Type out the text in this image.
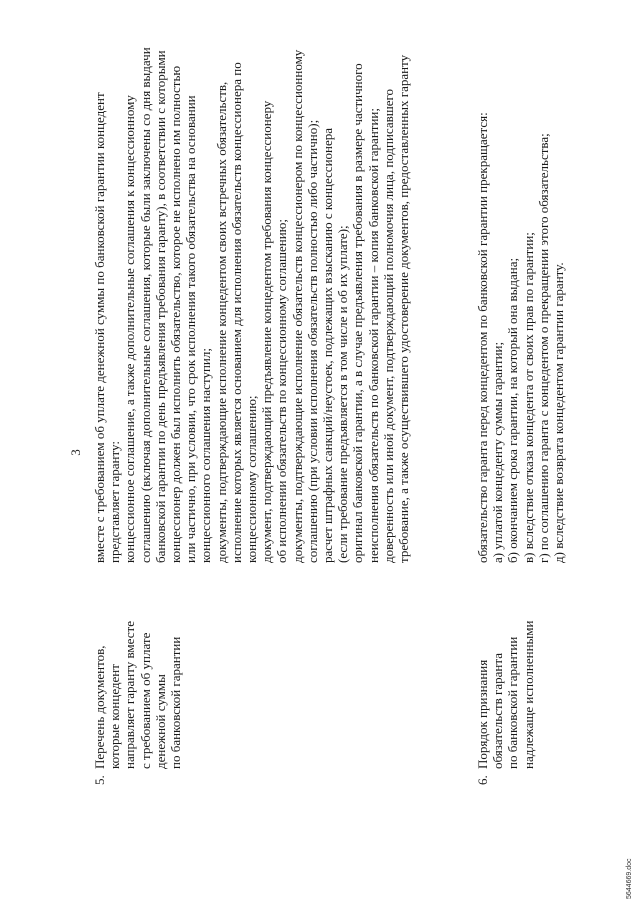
3
5.
Перечень документов, которые концедент направляет гаранту вместе с требованием об уплате денежной суммы по банковской гарантии
вместе с требованием об уплате денежной суммы по банковской гарантии концедент представляет гаранту: концессионное соглашение, а также дополнительные соглашения к концессионному соглашению (включая дополнительные соглашения, которые были заключены со дня выдачи банковской гарантии по день предъявления требования гаранту), в соответствии с которыми концессионер должен был исполнить обязательство, которое не исполнено им полностью или частично, при условии, что срок исполнения такого обязательства на основании концессионного соглашения наступил; документы, подтверждающие исполнение концедентом своих встречных обязательств, исполнение которых является основанием для исполнения обязательств концессионера по концессионному соглашению; документ, подтверждающий предъявление концедентом требования концессионеру об исполнении обязательств по концессионному соглашению; документы, подтверждающие исполнение обязательств концессионером по концессионному соглашению (при условии исполнения обязательств полностью либо частично); расчет штрафных санкций/неустоек, подлежащих взысканию с концессионера (если требование предъявляется в том числе и об их уплате); оригинал банковской гарантии, а в случае предъявления требования в размере частичного неисполнения обязательств по банковской гарантии – копия банковской гарантии; доверенность или иной документ, подтверждающий полномочия лица, подписавшего требование, а также осуществившего удостоверение документов, предоставленных гаранту
6.
Порядок признания обязательств гаранта по банковской гарантии надлежаще исполненными
обязательство гаранта перед концедентом по банковской гарантии прекращается: а) уплатой концеденту суммы гарантии; б) окончанием срока гарантии, на который она выдана; в) вследствие отказа концедента от своих прав по гарантии; г) по соглашению гаранта с концедентом о прекращении этого обязательства; д) вследствие возврата концедентом гарантии гаранту.
5644669.doc
